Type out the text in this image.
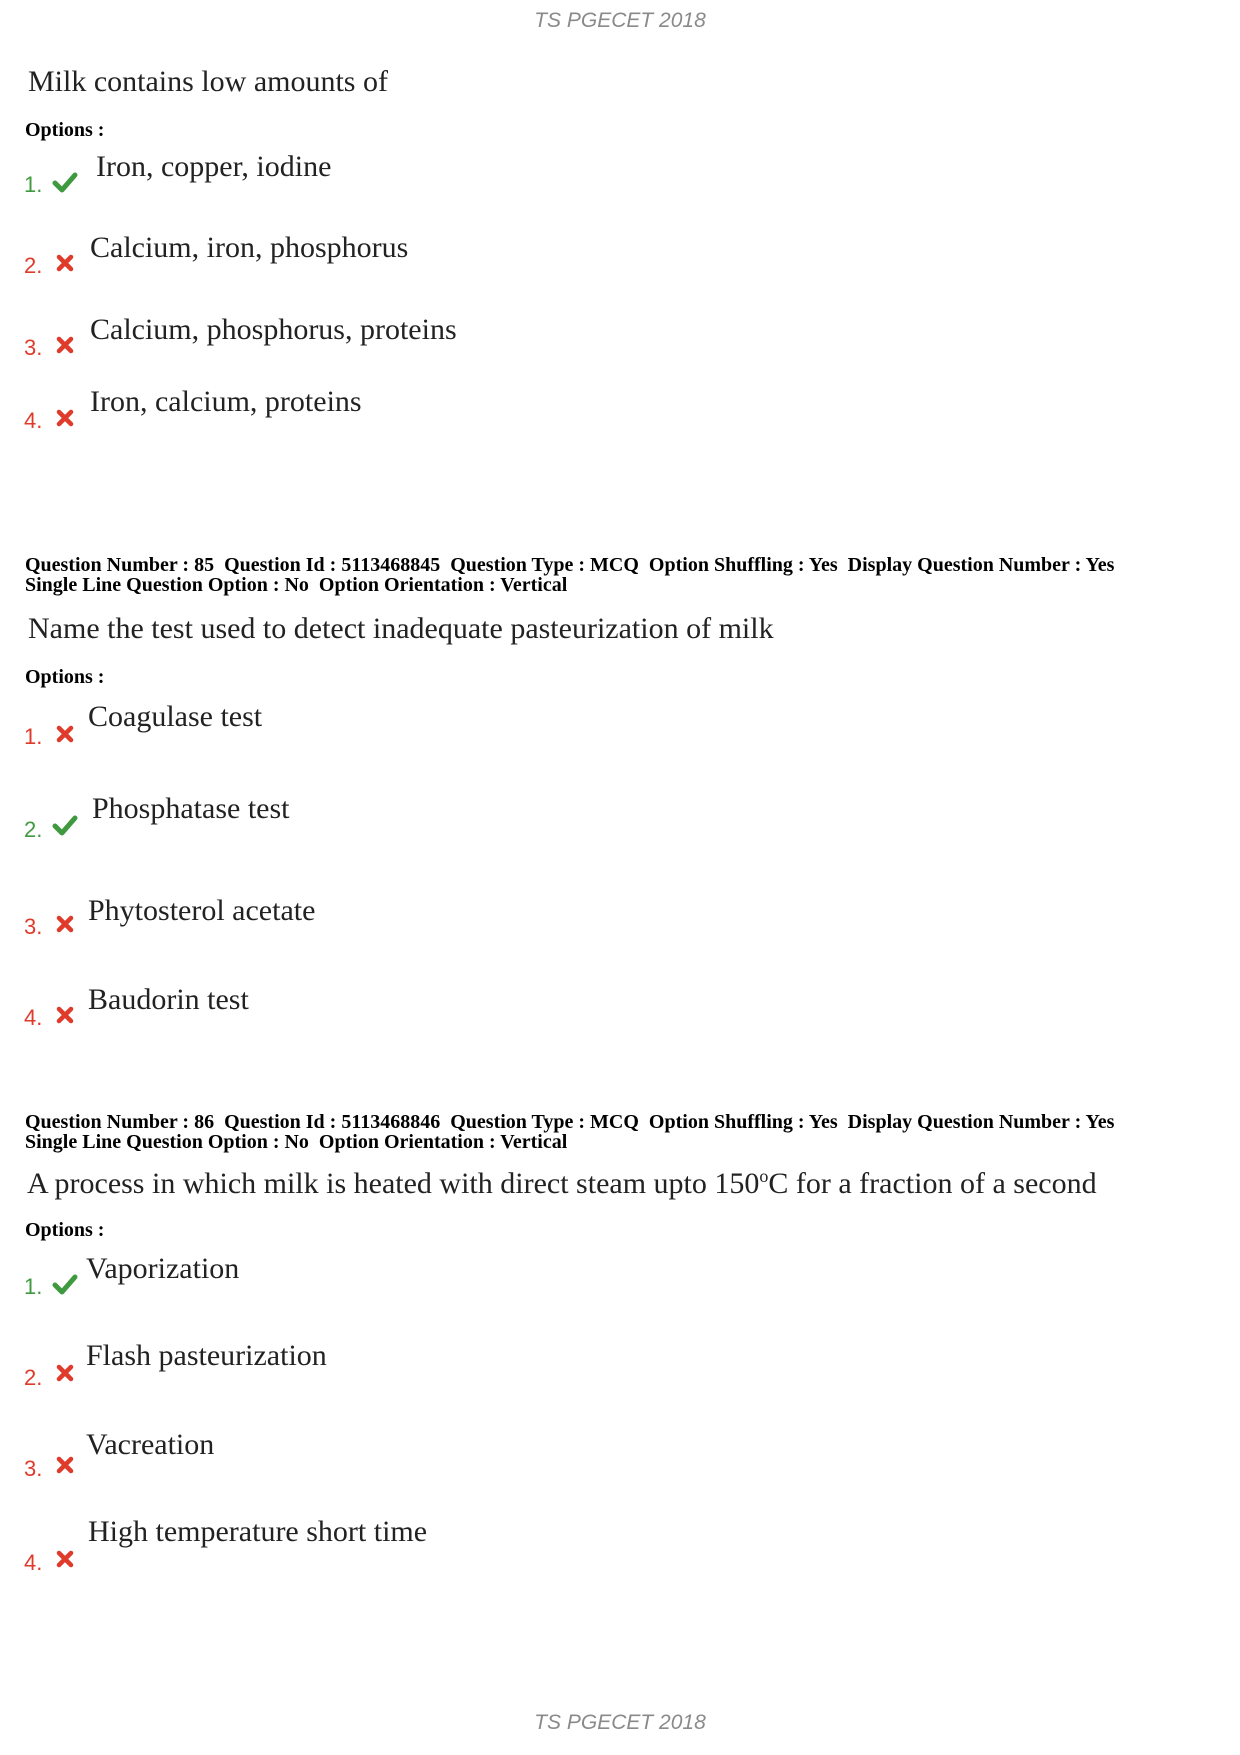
TS PGECET 2018
Milk contains low amounts of
Options :
1.
Iron, copper, iodine
2.
Calcium, iron, phosphorus
3.
Calcium, phosphorus, proteins
4.
Iron, calcium, proteins
Question Number : 85  Question Id : 5113468845  Question Type : MCQ  Option Shuffling : Yes  Display Question Number : Yes
Single Line Question Option : No  Option Orientation : Vertical
Name the test used to detect inadequate pasteurization of milk
Options :
1.
Coagulase test
2.
Phosphatase test
3. Phytosterol acetate
4.
Baudorin test
Question Number : 86  Question Id : 5113468846  Question Type : MCQ  Option Shuffling : Yes  Display Question Number : Yes
Single Line Question Option : No  Option Orientation : Vertical
A process in which milk is heated with direct steam upto 150$^o$C for a fraction of a second
Options :
1.
Vaporization
2.
Flash pasteurization
3.
Vacreation
4.
High temperature short time
TS PGECET 2018
